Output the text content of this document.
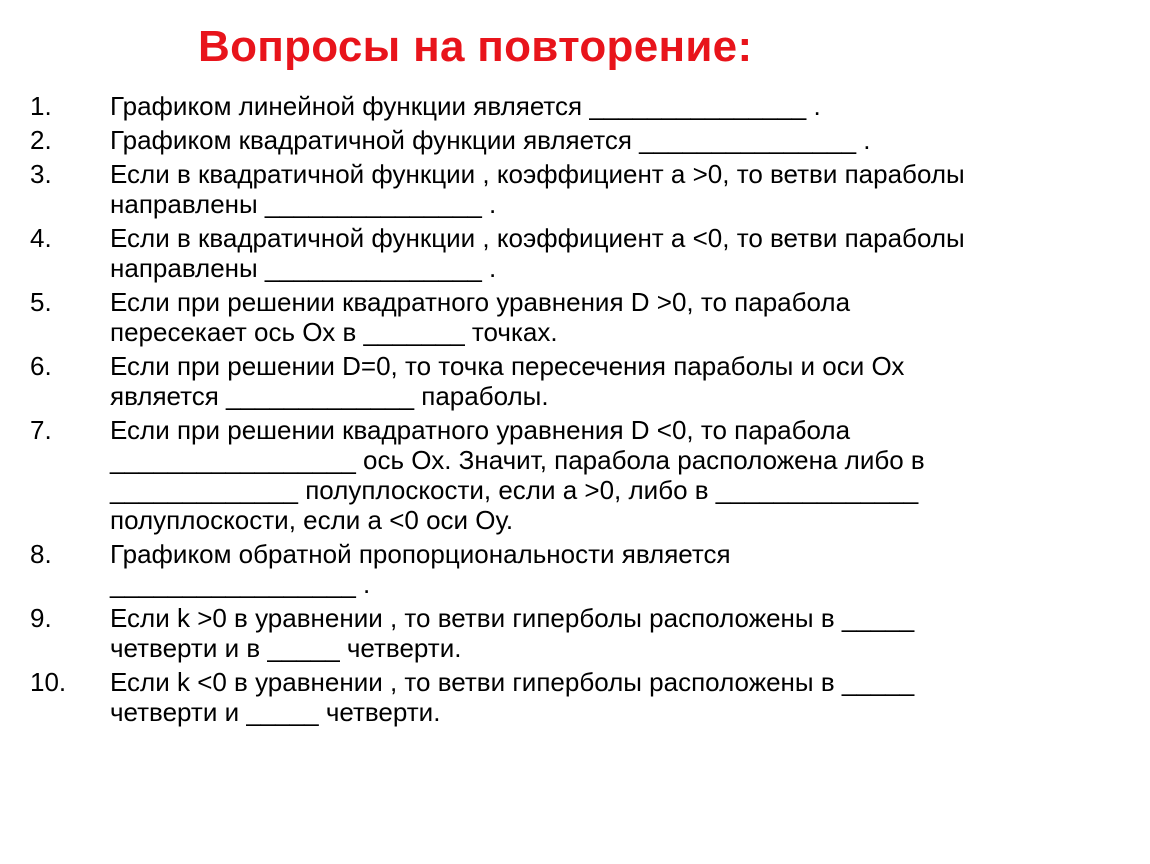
Вопросы на повторение:
1.	Графиком линейной функции является _______________ .
2.	Графиком квадратичной функции является _______________ .
3.	Если в квадратичной функции , коэффициент а >0, то ветви параболы
направлены _______________ .
4.	Если в квадратичной функции , коэффициент а <0, то ветви параболы
направлены _______________ .
5.	Если при решении квадратного уравнения D >0, то парабола
пересекает ось Ох в _______ точках.
6.	Если при решении D=0, то точка пересечения параболы и оси Ох
является _____________ параболы.
7.	Если при решении квадратного уравнения D <0, то парабола
_________________ ось Ох. Значит, парабола расположена либо в
_____________ полуплоскости, если а >0, либо в ______________
полуплоскости, если а <0 оси Оу.
8.	Графиком обратной пропорциональности является
_________________ .
9.	Если k >0 в уравнении , то ветви гиперболы расположены в _____
четверти и в _____ четверти.
10.	Если k <0 в уравнении , то ветви гиперболы расположены в _____
четверти и _____ четверти.
